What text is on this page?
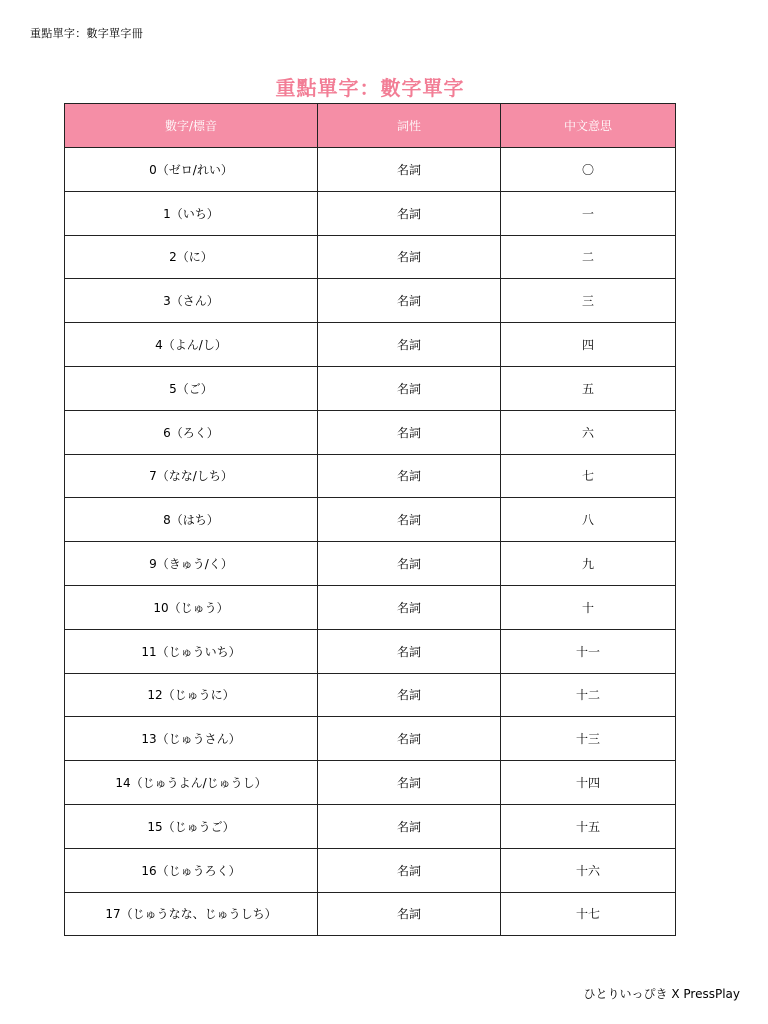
重點單字：數字單字冊
重點單字：數字單字
數字/標音	詞性	中文意思
0（ゼロ/れい）	名詞	〇
1（いち）	名詞	一
2（に）	名詞	二
3（さん）	名詞	三
4（よん/し）	名詞	四
5（ご）	名詞	五
6（ろく）	名詞	六
7（なな/しち）	名詞	七
8（はち）	名詞	八
9（きゅう/く）	名詞	九
10（じゅう）	名詞	十
11（じゅういち）	名詞	十一
12（じゅうに）	名詞	十二
13（じゅうさん）	名詞	十三
14（じゅうよん/じゅうし）	名詞	十四
15（じゅうご）	名詞	十五
16（じゅうろく）	名詞	十六
17（じゅうなな、じゅうしち）	名詞	十七
ひとりいっぴき X PressPlay
